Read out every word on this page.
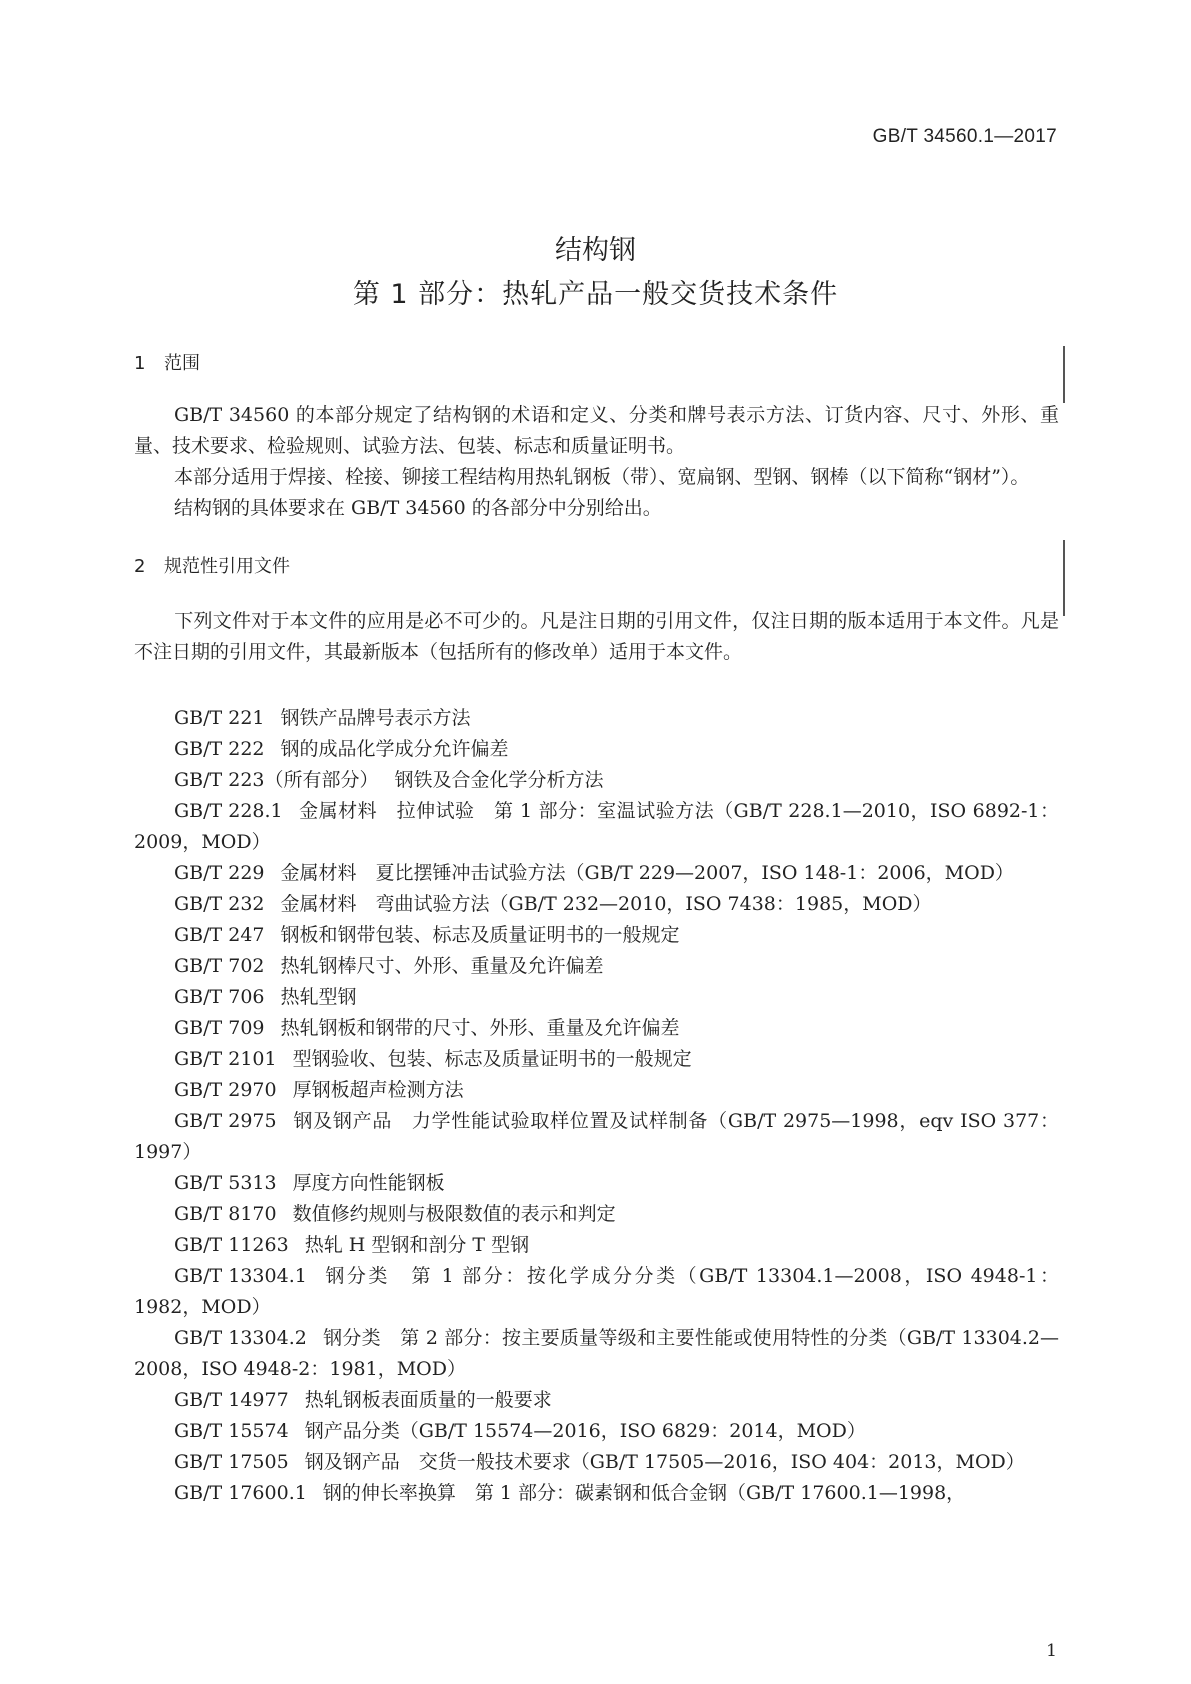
GB/T 34560.1—2017
结构钢
第 1 部分：热轧产品一般交货技术条件
1 范围
GB/T 34560 的本部分规定了结构钢的术语和定义、分类和牌号表示方法、订货内容、尺寸、外形、重量、技术要求、检验规则、试验方法、包装、标志和质量证明书。
本部分适用于焊接、栓接、铆接工程结构用热轧钢板（带）、宽扁钢、型钢、钢棒（以下简称“钢材”）。
结构钢的具体要求在 GB/T 34560 的各部分中分别给出。
2 规范性引用文件
下列文件对于本文件的应用是必不可少的。凡是注日期的引用文件，仅注日期的版本适用于本文件。凡是不注日期的引用文件，其最新版本（包括所有的修改单）适用于本文件。
GB/T 221 钢铁产品牌号表示方法
GB/T 222 钢的成品化学成分允许偏差
GB/T 223（所有部分） 钢铁及合金化学分析方法
GB/T 228.1 金属材料　拉伸试验　第 1 部分：室温试验方法（GB/T 228.1—2010，ISO 6892-1：2009，MOD）
GB/T 229 金属材料　夏比摆锤冲击试验方法（GB/T 229—2007，ISO 148-1：2006，MOD）
GB/T 232 金属材料　弯曲试验方法（GB/T 232—2010，ISO 7438：1985，MOD）
GB/T 247 钢板和钢带包装、标志及质量证明书的一般规定
GB/T 702 热轧钢棒尺寸、外形、重量及允许偏差
GB/T 706 热轧型钢
GB/T 709 热轧钢板和钢带的尺寸、外形、重量及允许偏差
GB/T 2101 型钢验收、包装、标志及质量证明书的一般规定
GB/T 2970 厚钢板超声检测方法
GB/T 2975 钢及钢产品　力学性能试验取样位置及试样制备（GB/T 2975—1998，eqv ISO 377：1997）
GB/T 5313 厚度方向性能钢板
GB/T 8170 数值修约规则与极限数值的表示和判定
GB/T 11263 热轧 H 型钢和剖分 T 型钢
GB/T 13304.1 钢分类　第 1 部分：按化学成分分类（GB/T 13304.1—2008，ISO 4948-1：1982，MOD）
GB/T 13304.2 钢分类　第 2 部分：按主要质量等级和主要性能或使用特性的分类（GB/T 13304.2—2008，ISO 4948-2：1981，MOD）
GB/T 14977 热轧钢板表面质量的一般要求
GB/T 15574 钢产品分类（GB/T 15574—2016，ISO 6829：2014，MOD）
GB/T 17505 钢及钢产品　交货一般技术要求（GB/T 17505—2016，ISO 404：2013，MOD）
GB/T 17600.1 钢的伸长率换算　第 1 部分：碳素钢和低合金钢（GB/T 17600.1—1998，
1
